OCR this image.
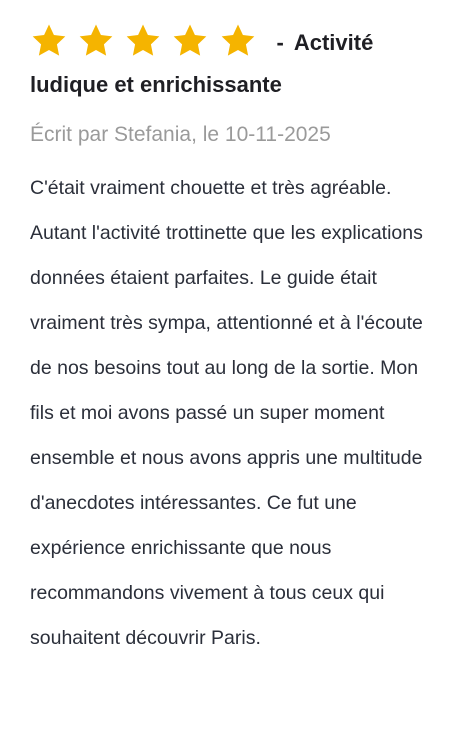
- Activité ludique et enrichissante
Écrit par Stefania, le 10-11-2025
C'était vraiment chouette et très agréable. Autant l'activité trottinette que les explications données étaient parfaites. Le guide était vraiment très sympa, attentionné et à l'écoute de nos besoins tout au long de la sortie. Mon fils et moi avons passé un super moment ensemble et nous avons appris une multitude d'anecdotes intéressantes. Ce fut une expérience enrichissante que nous recommandons vivement à tous ceux qui souhaitent découvrir Paris.
